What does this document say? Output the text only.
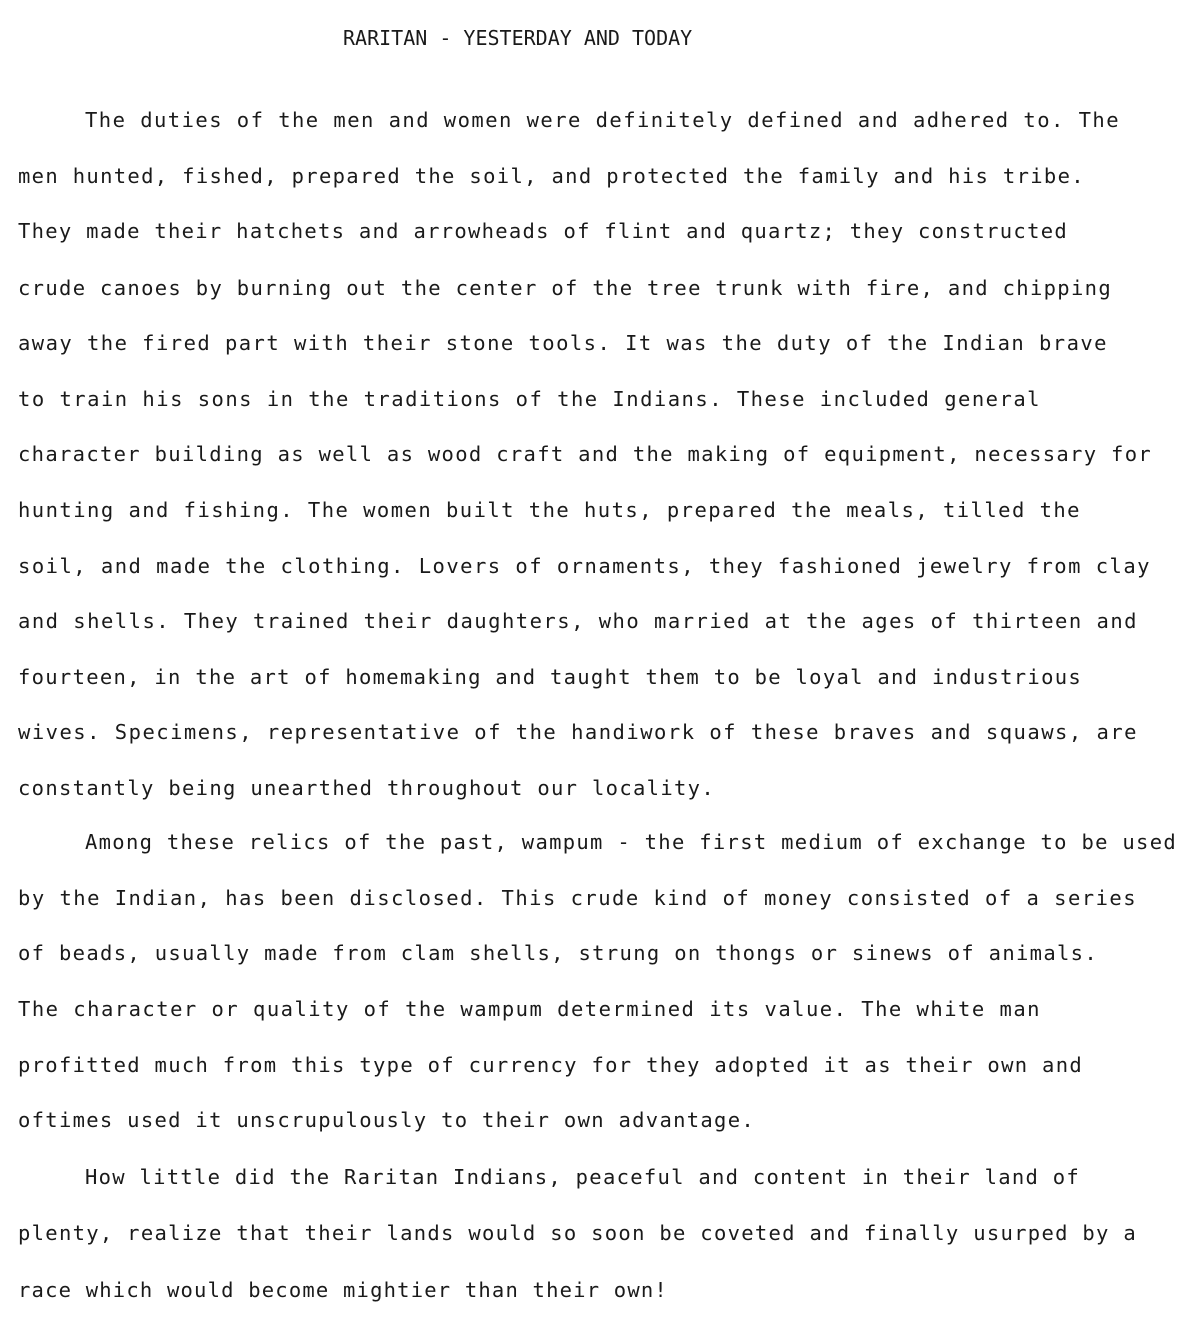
RARITAN - YESTERDAY AND TODAY
The duties of the men and women were definitely defined and adhered to. The
men hunted, fished, prepared the soil, and protected the family and his tribe.
They made their hatchets and arrowheads of flint and quartz; they constructed
crude canoes by burning out the center of the tree trunk with fire, and chipping
away the fired part with their stone tools. It was the duty of the Indian brave
to train his sons in the traditions of the Indians. These included general
character building as well as wood craft and the making of equipment, necessary for
hunting and fishing. The women built the huts, prepared the meals, tilled the
soil, and made the clothing. Lovers of ornaments, they fashioned jewelry from clay
and shells. They trained their daughters, who married at the ages of thirteen and
fourteen, in the art of homemaking and taught them to be loyal and industrious
wives. Specimens, representative of the handiwork of these braves and squaws, are
constantly being unearthed throughout our locality.
Among these relics of the past, wampum - the first medium of exchange to be used
by the Indian, has been disclosed. This crude kind of money consisted of a series
of beads, usually made from clam shells, strung on thongs or sinews of animals.
The character or quality of the wampum determined its value. The white man
profitted much from this type of currency for they adopted it as their own and
oftimes used it unscrupulously to their own advantage.
How little did the Raritan Indians, peaceful and content in their land of
plenty, realize that their lands would so soon be coveted and finally usurped by a
race which would become mightier than their own!
